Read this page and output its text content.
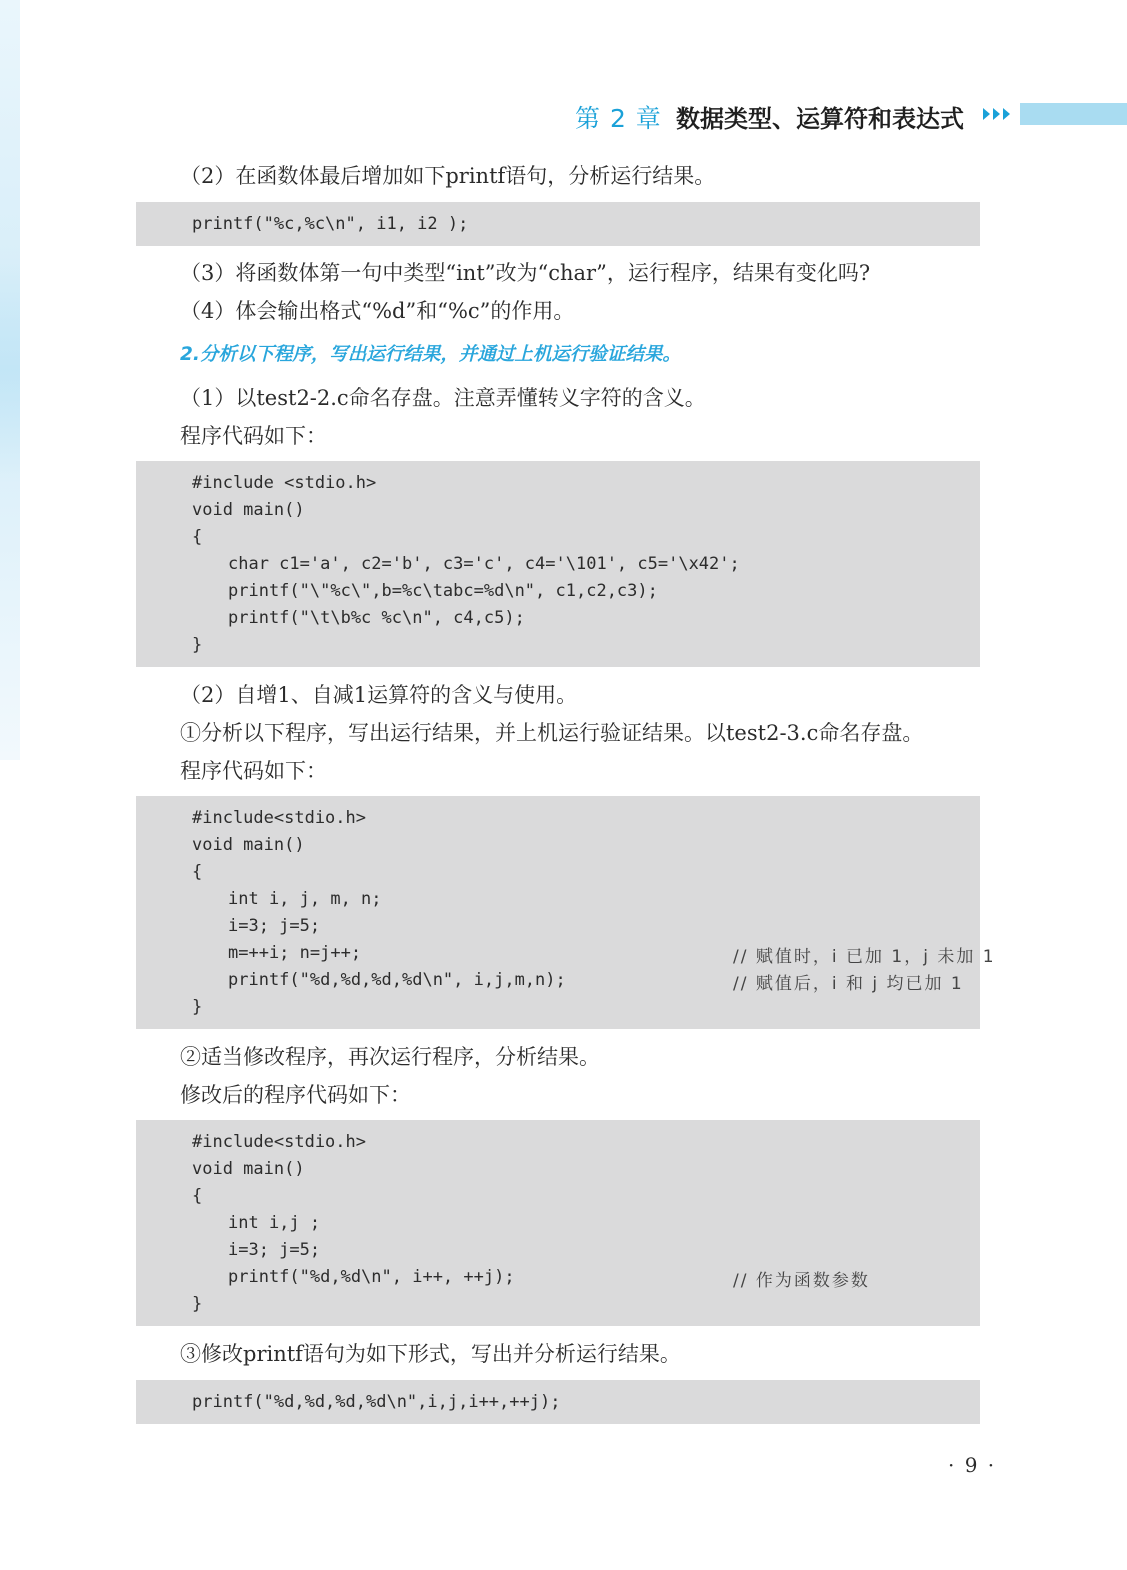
第 2 章 数据类型、运算符和表达式
（2）在函数体最后增加如下printf语句，分析运行结果。
printf("%c,%c\n", i1, i2 );
（3）将函数体第一句中类型“int”改为“char”，运行程序，结果有变化吗?
（4）体会输出格式“%d”和“%c”的作用。
2.分析以下程序，写出运行结果，并通过上机运行验证结果。
（1）以test2-2.c命名存盘。注意弄懂转义字符的含义。
程序代码如下：
#include <stdio.h>
void main()
{
char c1='a', c2='b', c3='c', c4='\101', c5='\x42';
printf("\"%c\",b=%c\tabc=%d\n", c1,c2,c3);
printf("\t\b%c %c\n", c4,c5);
}
（2）自增1、自减1运算符的含义与使用。
①分析以下程序，写出运行结果，并上机运行验证结果。以test2-3.c命名存盘。
程序代码如下：
#include<stdio.h>
void main()
{
int i, j, m, n;
i=3; j=5;
m=++i; n=j++;	// 赋值时，i 已加 1，j 未加 1
printf("%d,%d,%d,%d\n", i,j,m,n);	// 赋值后，i 和 j 均已加 1
}
②适当修改程序，再次运行程序，分析结果。
修改后的程序代码如下：
#include<stdio.h>
void main()
{
int i,j ;
i=3; j=5;
printf("%d,%d\n", i++, ++j);	// 作为函数参数
}
③修改printf语句为如下形式，写出并分析运行结果。
printf("%d,%d,%d,%d\n",i,j,i++,++j);
· 9 ·
